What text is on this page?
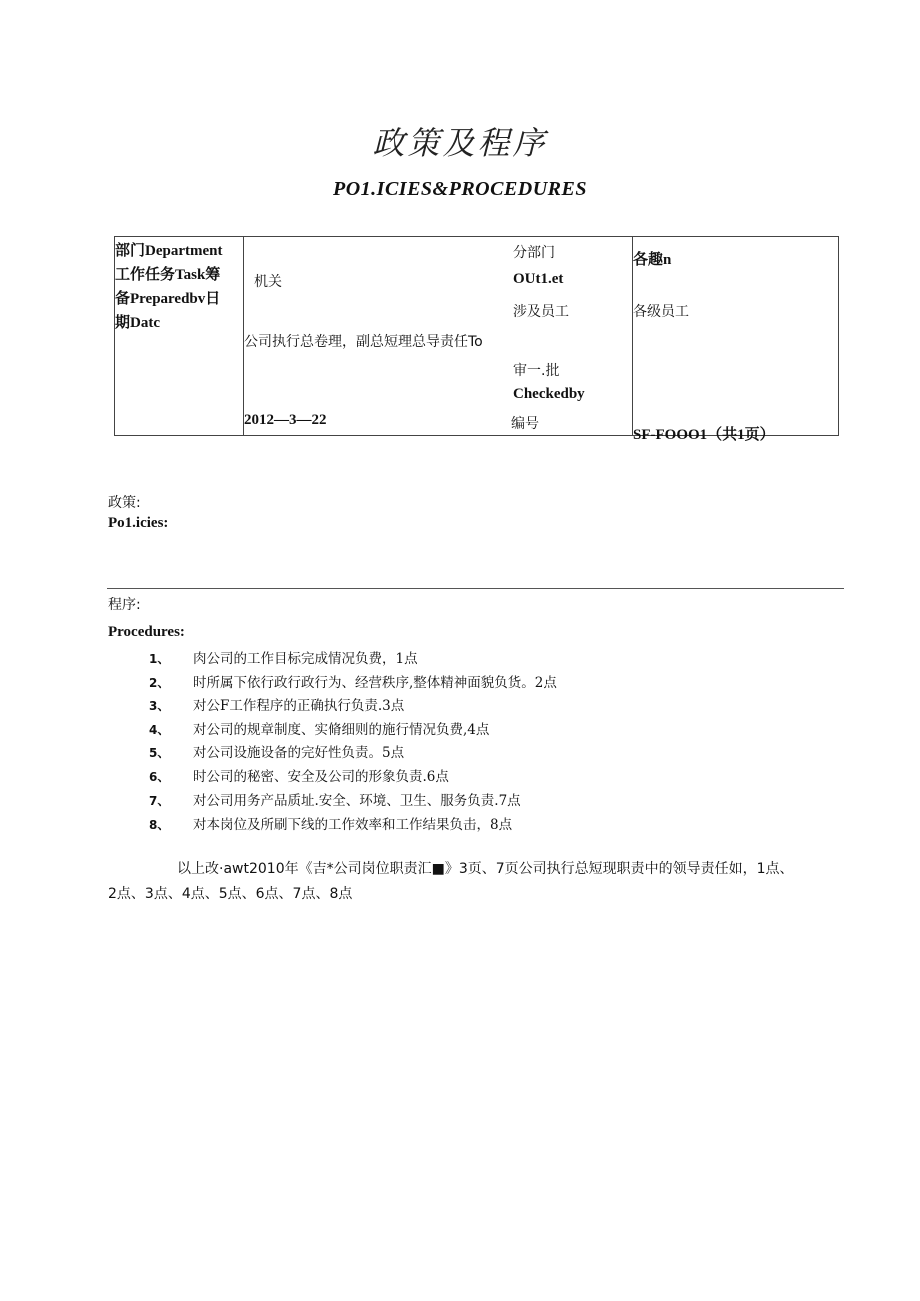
政策及程序
PO1.ICIES&PROCEDURES
部门Department
工作任务Task筹
备Preparedbv日
期Datc
机关
公司执行总卷理，副总短理总导责任To
2012—3—22
分部门
OUt1.et
涉及员工
审一.批
Checkedby
编号
各趣n
各级员工
SF-FOOO1（共1页）
政策:
Po1.icies:
程序:
Procedures:
1、 肉公司的工作目标完成情况负费，1点
2、 时所属下依行政行政行为、经营秩序,整体精神面貌负货。2点
3、 对公F工作程序的正确执行负责.3点
4、 对公司的规章制度、实脩细则的施行情况负费,4点
5、 对公司设施设备的完好性负责。5点
6、 时公司的秘密、安全及公司的形象负责.6点
7、 对公司用务产品质址.安全、环境、卫生、服务负责.7点
8、 对本岗位及所刷下线的工作效率和工作结果负击，8点
以上改·awt2010年《吉*公司岗位职责汇■》3页、7页公司执行总短现职责中的领导责任如，1点、
2点、3点、4点、5点、6点、7点、8点
